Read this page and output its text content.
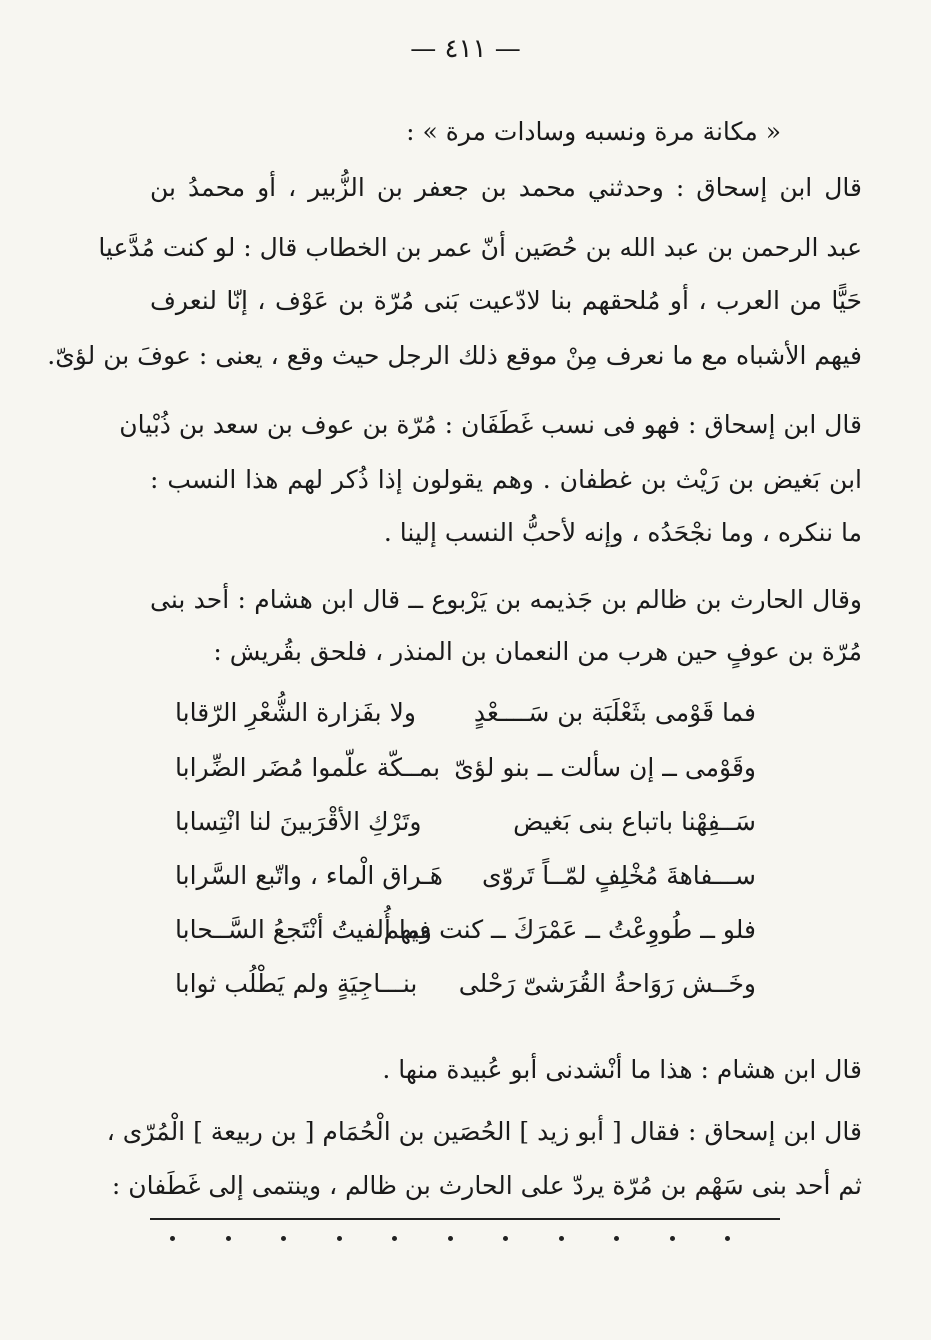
— ٤١١ —
« مكانة مرة ونسبه وسادات مرة » :
قال ابن إسحاق : وحدثني محمد بن جعفر بن الزُّبير ، أو محمدُ بن
عبد الرحمن بن عبد الله بن حُصَين أنّ عمر بن الخطاب قال : لو كنت مُدَّعيا
حَيًّا من العرب ، أو مُلحقهم بنا لادّعيت بَنى مُرّة بن عَوْف ، إنّا لنعرف
فيهم الأشباه مع ما نعرف مِنْ موقع ذلك الرجل حيث وقع ، يعنى : عوفَ بن لؤىّ.
قال ابن إسحاق : فهو فى نسب غَطَفَان : مُرّة بن عوف بن سعد بن ذُبْيان
ابن بَغيض بن رَيْث بن غطفان . وهم يقولون إذا ذُكر لهم هذا النسب :
ما ننكره ، وما نجْحَدُه ، وإنه لأحبُّ النسب إلينا .
وقال الحارث بن ظالم بن جَذيمه بن يَرْبوع ــ قال ابن هشام : أحد بنى
مُرّة بن عوفٍ حين هرب من النعمان بن المنذر ، فلحق بقُريش :
فما قَوْمى بثَعْلَبَة بن سَــــعْدٍ
ولا بفَزارة الشُّعْرِ الرّقابا
وقَوْمى ــ إن سألت ــ بنو لؤىّ
بمــكّة علّموا مُضَر الضِّرابا
سَــفِهْنا باتباع بنى بَغيض
وتَرْكِ الأقْرَبينَ لنا انْتِسابا
ســـفاهةَ مُخْلِفٍ لمّــاً تَروّى
هَـراق الْماء ، واتّبع السَّرابا
فلو ــ طُووِعْتُ ــ عَمْرَكَ ــ كنت فيهم
وما أُلفيتُ أنْتَجعُ السَّــحابا
وخَــش رَوَاحةُ القُرَشىّ رَحْلى
بنـــاجِيَةٍ ولم يَطْلُب ثوابا
قال ابن هشام : هذا ما أنْشدنى أبو عُبيدة منها .
قال ابن إسحاق : فقال [ أبو زيد ] الحُصَين بن الْحُمَام [ بن ربيعة ] الْمُرّى ،
ثم أحد بنى سَهْم بن مُرّة يردّ على الحارث بن ظالم ، وينتمى إلى غَطَفان :
